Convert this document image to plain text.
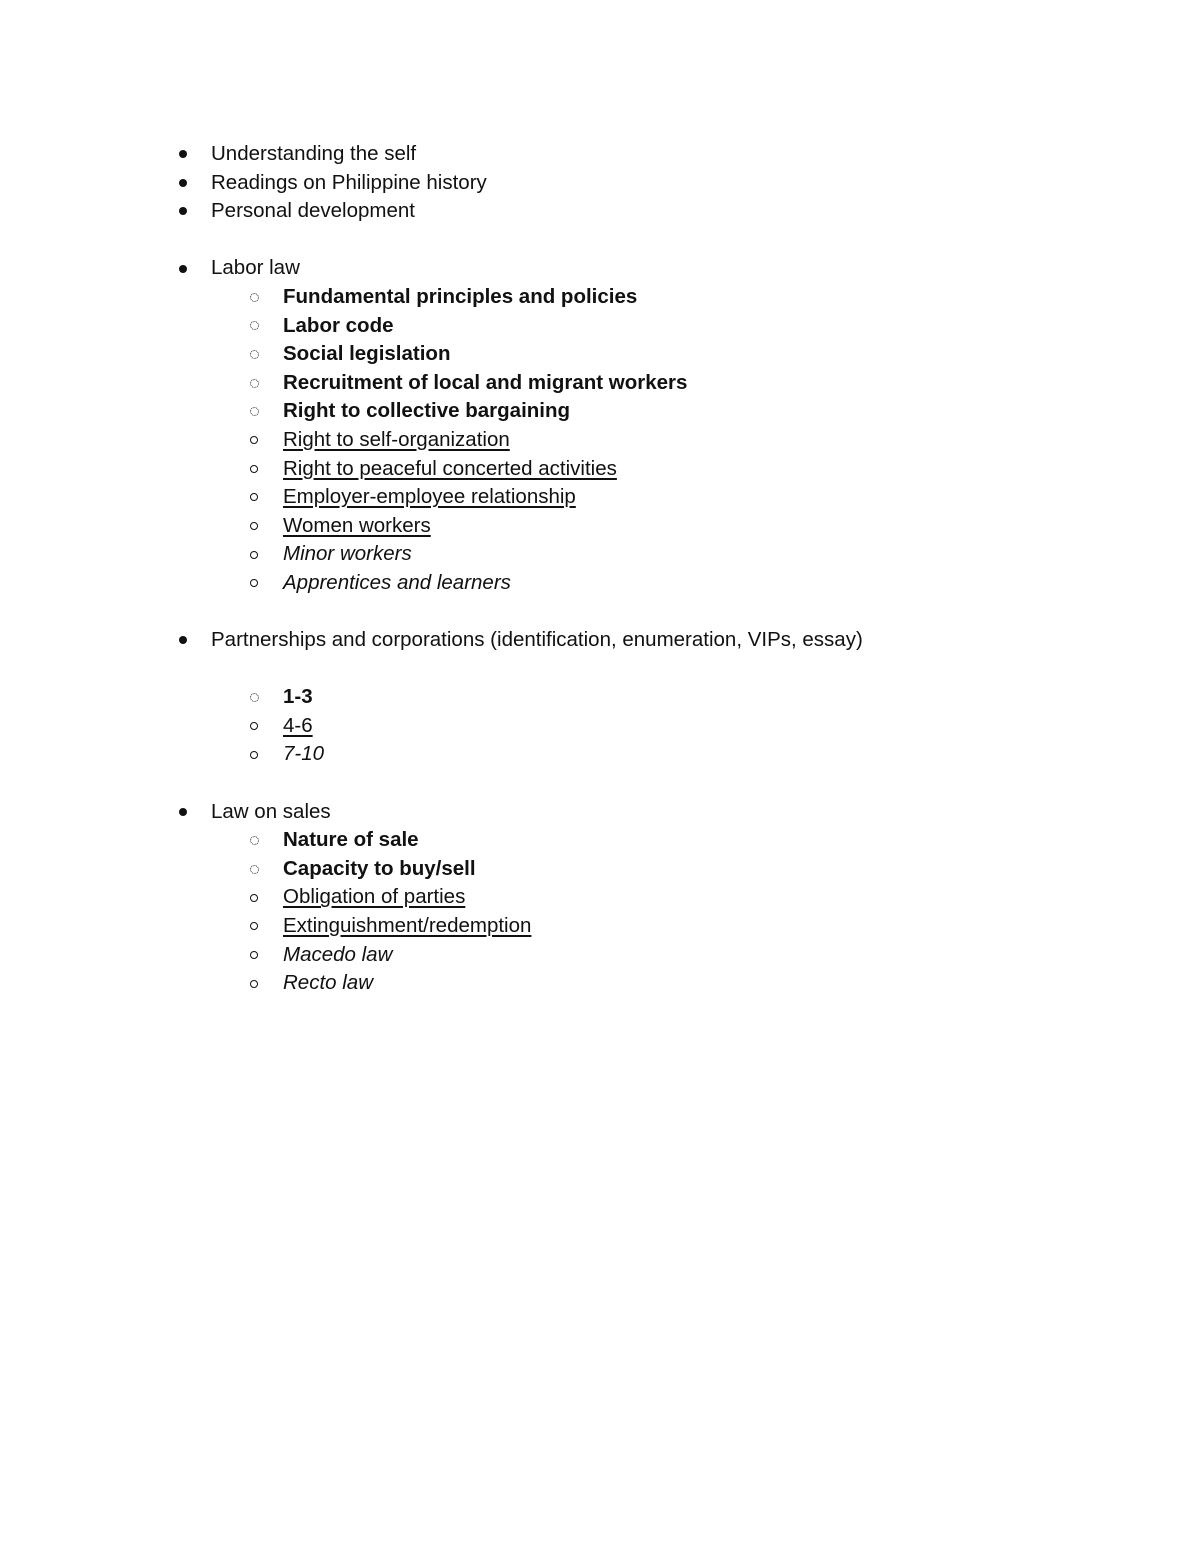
Understanding the self
Readings on Philippine history
Personal development
Labor law
Fundamental principles and policies
Labor code
Social legislation
Recruitment of local and migrant workers
Right to collective bargaining
Right to self-organization
Right to peaceful concerted activities
Employer-employee relationship
Women workers
Minor workers
Apprentices and learners
Partnerships and corporations (identification, enumeration, VIPs, essay)
1-3
4-6
7-10
Law on sales
Nature of sale
Capacity to buy/sell
Obligation of parties
Extinguishment/redemption
Macedo law
Recto law
